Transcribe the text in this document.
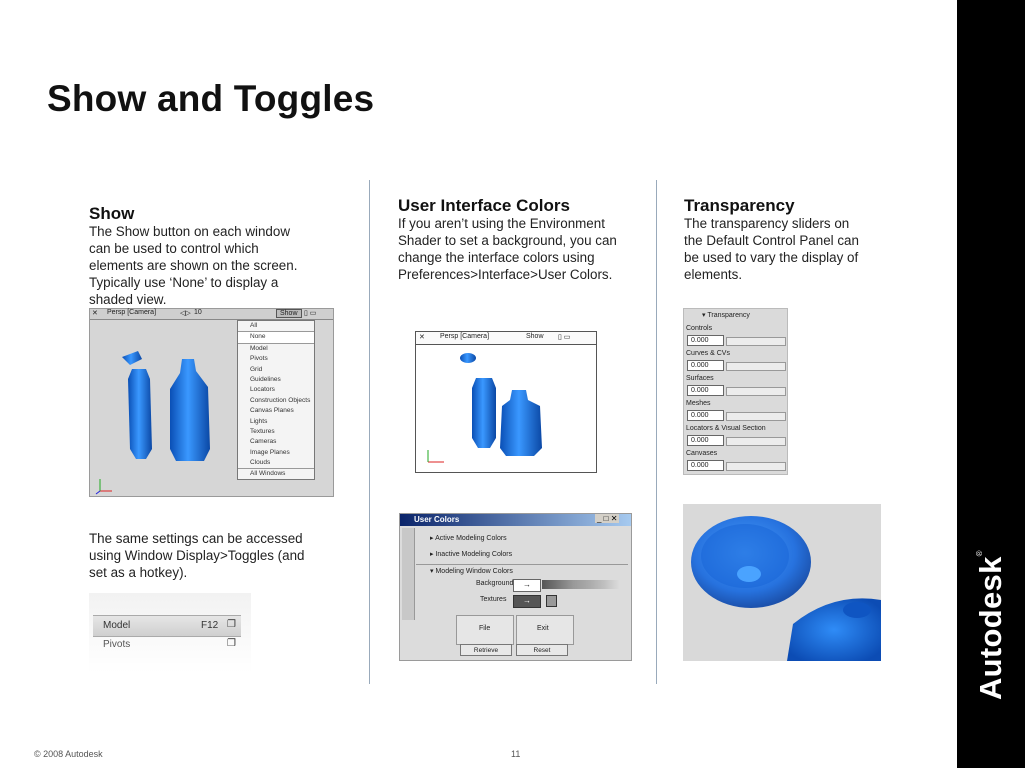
Show and Toggles
Autodesk®
Show
The Show button on each window can be used to control which elements are shown on the screen. Typically use ‘None’ to display a shaded view.
✕ Persp [Camera]	◁▷ 10	Show ▯ ▭
All
None
Model
Pivots
Grid
Guidelines
Locators
Construction Objects
Canvas Planes
Lights
Textures
Cameras
Image Planes
Clouds
All Windows
The same settings can be accessed using Window Display>Toggles (and set as a hotkey).
Model	F12 ❐
Pivots	❐
User Interface Colors
If you aren’t using the Environment Shader to set a background, you can change the interface colors using Preferences>Interface>User Colors.
✕ Persp [Camera]	Show ▯ ▭
User Colors	_ □ ✕
▸ Active Modeling Colors
▸ Inactive Modeling Colors
▾ Modeling Window Colors
Background	→
Textures	→
File	Exit
Retrieve	Reset
Transparency
The transparency sliders on the Default Control Panel can be used to vary the display of elements.
▾ Transparency
Controls
0.000
Curves & CVs
0.000
Surfaces
0.000
Meshes
0.000
Locators & Visual Section
0.000
Canvases
0.000
© 2008 Autodesk	11
